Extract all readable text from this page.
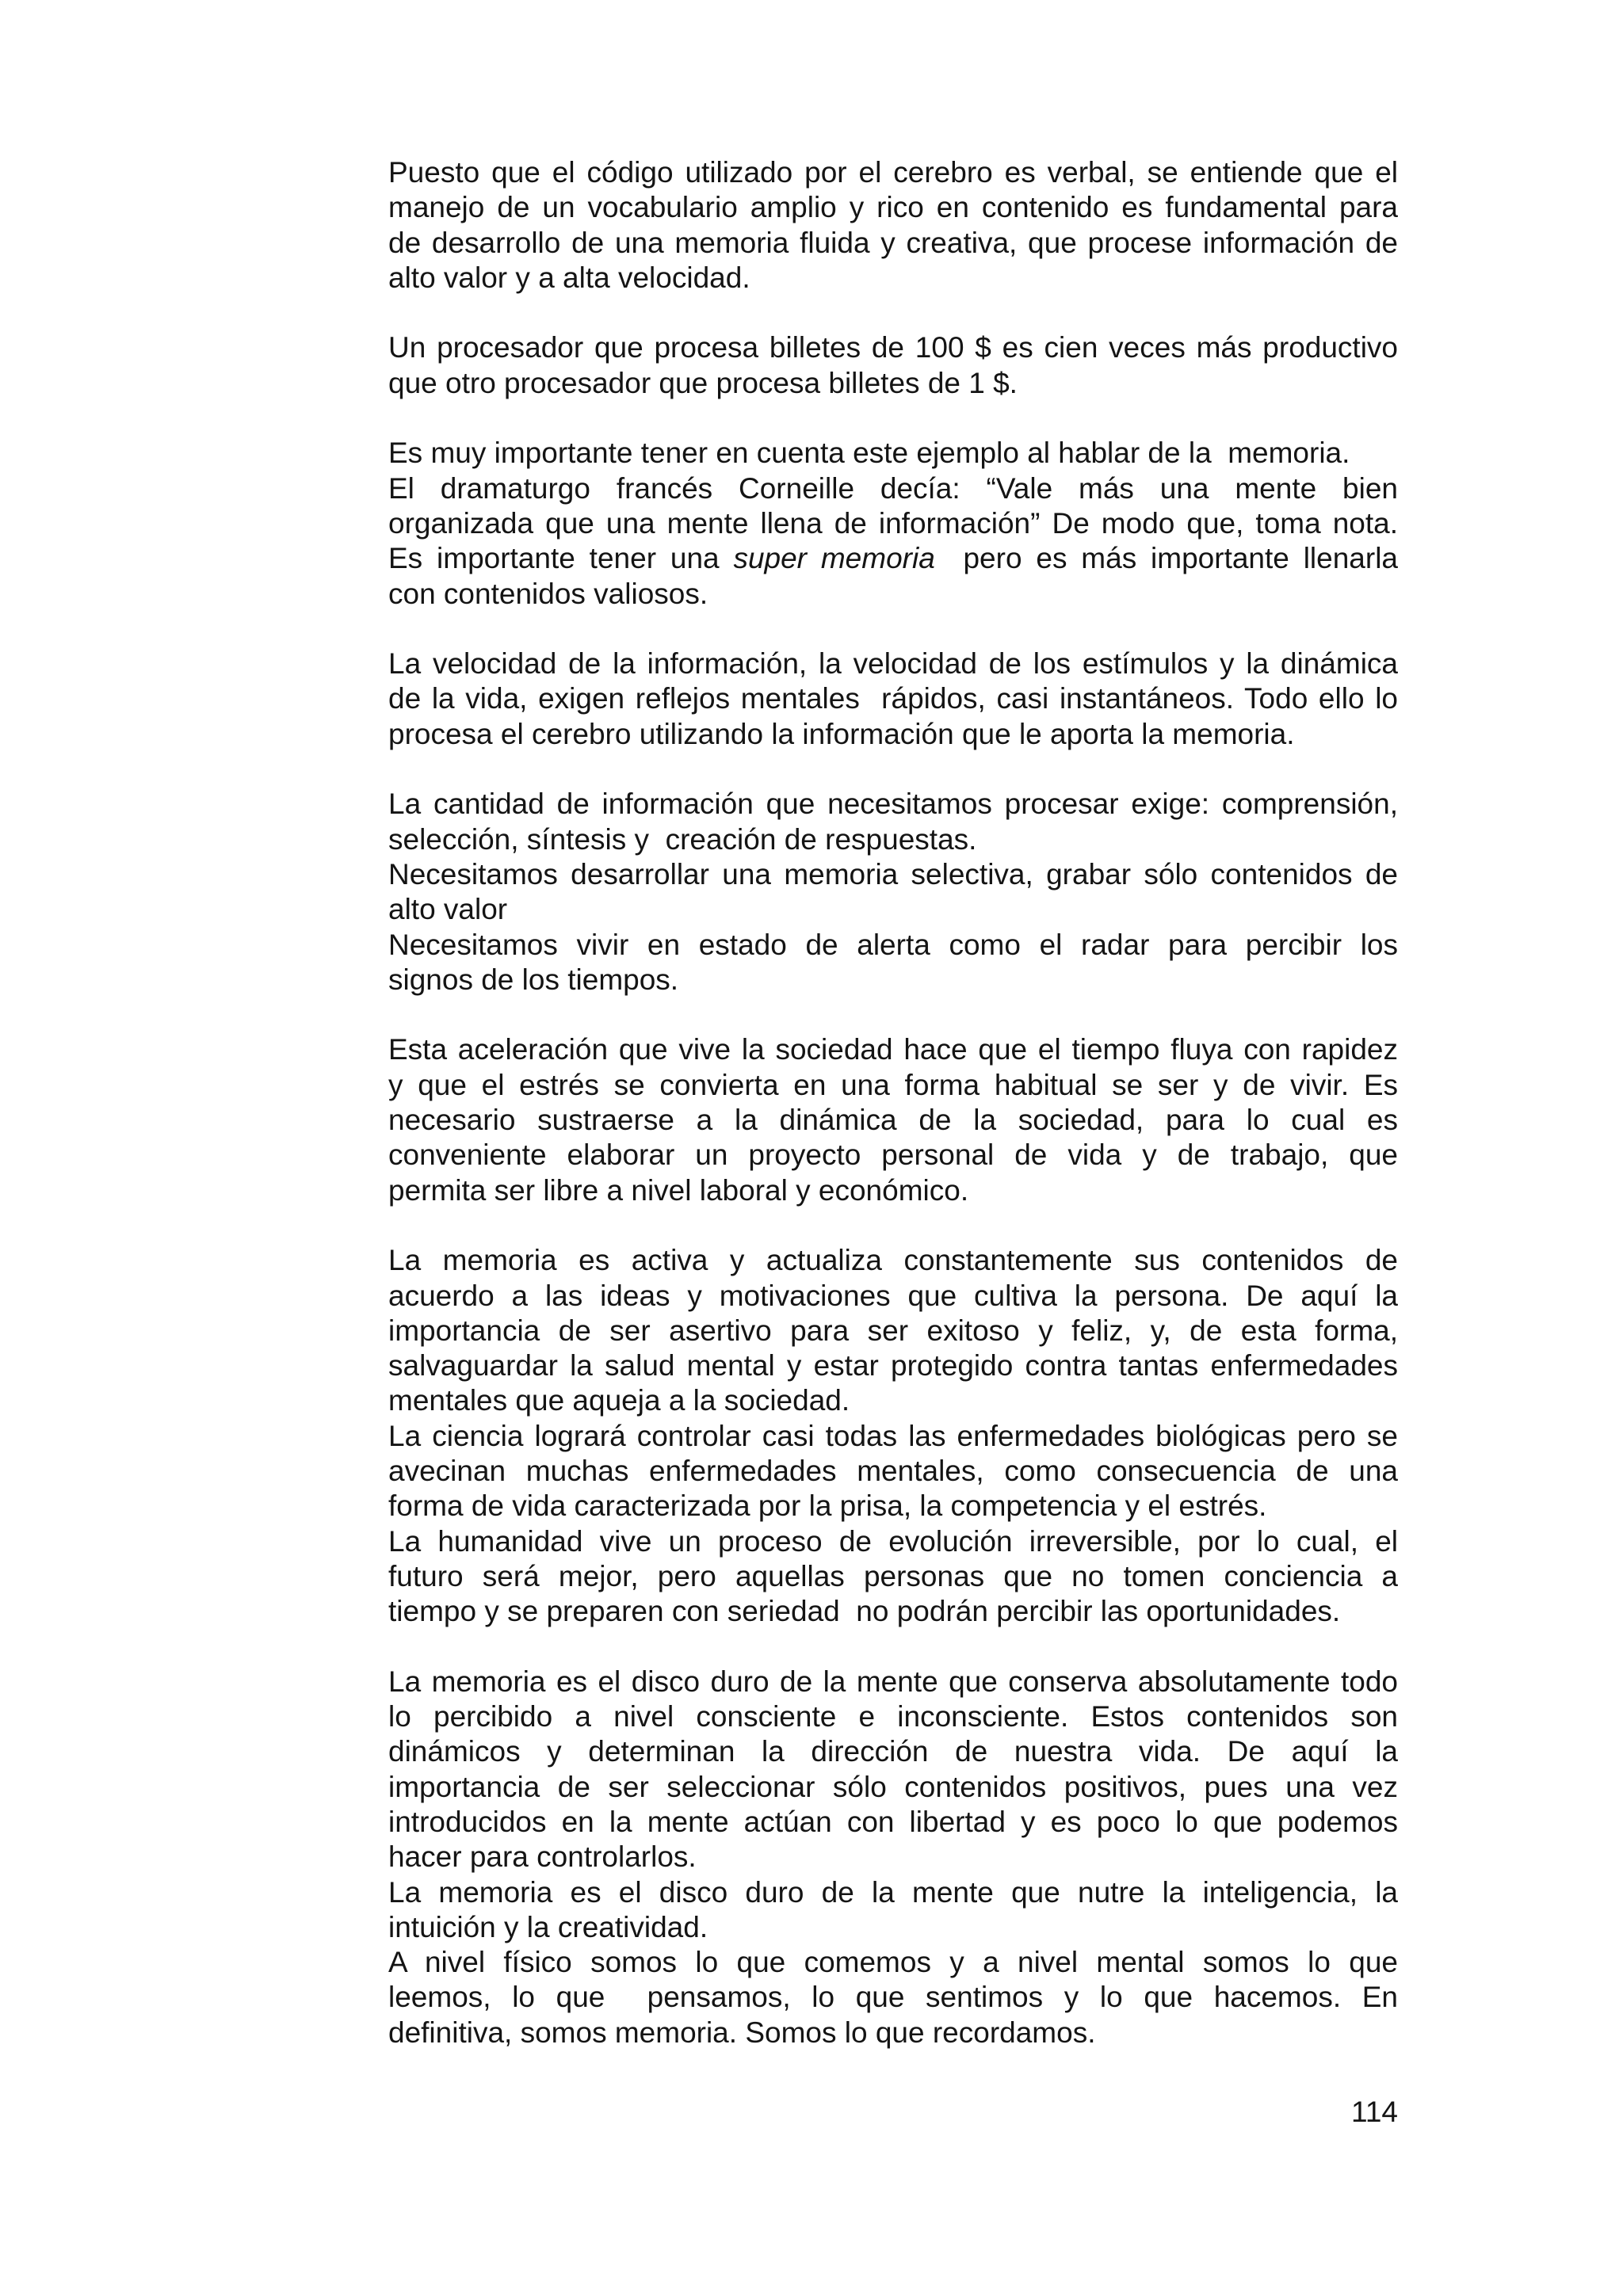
Puesto que el código utilizado por el cerebro es verbal, se entiende que el
manejo de un vocabulario amplio y rico en contenido es fundamental para
de desarrollo de una memoria fluida y creativa, que procese información de
alto valor y a alta velocidad.
Un procesador que procesa billetes de 100 $ es cien veces más productivo
que otro procesador que procesa billetes de 1 $.
Es muy importante tener en cuenta este ejemplo al hablar de la  memoria.
El dramaturgo francés Corneille decía: “Vale más una mente bien
organizada que una mente llena de información” De modo que, toma nota.
Es importante tener una super memoria  pero es más importante llenarla
con contenidos valiosos.
La velocidad de la información, la velocidad de los estímulos y la dinámica
de la vida, exigen reflejos mentales  rápidos, casi instantáneos. Todo ello lo
procesa el cerebro utilizando la información que le aporta la memoria.
La cantidad de información que necesitamos procesar exige: comprensión,
selección, síntesis y  creación de respuestas.
Necesitamos desarrollar una memoria selectiva, grabar sólo contenidos de
alto valor
Necesitamos vivir en estado de alerta como el radar para percibir los
signos de los tiempos.
Esta aceleración que vive la sociedad hace que el tiempo fluya con rapidez
y que el estrés se convierta en una forma habitual se ser y de vivir. Es
necesario sustraerse a la dinámica de la sociedad, para lo cual es
conveniente elaborar un proyecto personal de vida y de trabajo, que
permita ser libre a nivel laboral y económico.
La memoria es activa y actualiza constantemente sus contenidos de
acuerdo a las ideas y motivaciones que cultiva la persona. De aquí la
importancia de ser asertivo para ser exitoso y feliz, y, de esta forma,
salvaguardar la salud mental y estar protegido contra tantas enfermedades
mentales que aqueja a la sociedad.
La ciencia logrará controlar casi todas las enfermedades biológicas pero se
avecinan muchas enfermedades mentales, como consecuencia de una
forma de vida caracterizada por la prisa, la competencia y el estrés.
La humanidad vive un proceso de evolución irreversible, por lo cual, el
futuro será mejor, pero aquellas personas que no tomen conciencia a
tiempo y se preparen con seriedad  no podrán percibir las oportunidades.
La memoria es el disco duro de la mente que conserva absolutamente todo
lo percibido a nivel consciente e inconsciente. Estos contenidos son
dinámicos y determinan la dirección de nuestra vida. De aquí la
importancia de ser seleccionar sólo contenidos positivos, pues una vez
introducidos en la mente actúan con libertad y es poco lo que podemos
hacer para controlarlos.
La memoria es el disco duro de la mente que nutre la inteligencia, la
intuición y la creatividad.
A nivel físico somos lo que comemos y a nivel mental somos lo que
leemos, lo que  pensamos, lo que sentimos y lo que hacemos. En
definitiva, somos memoria. Somos lo que recordamos.
114
